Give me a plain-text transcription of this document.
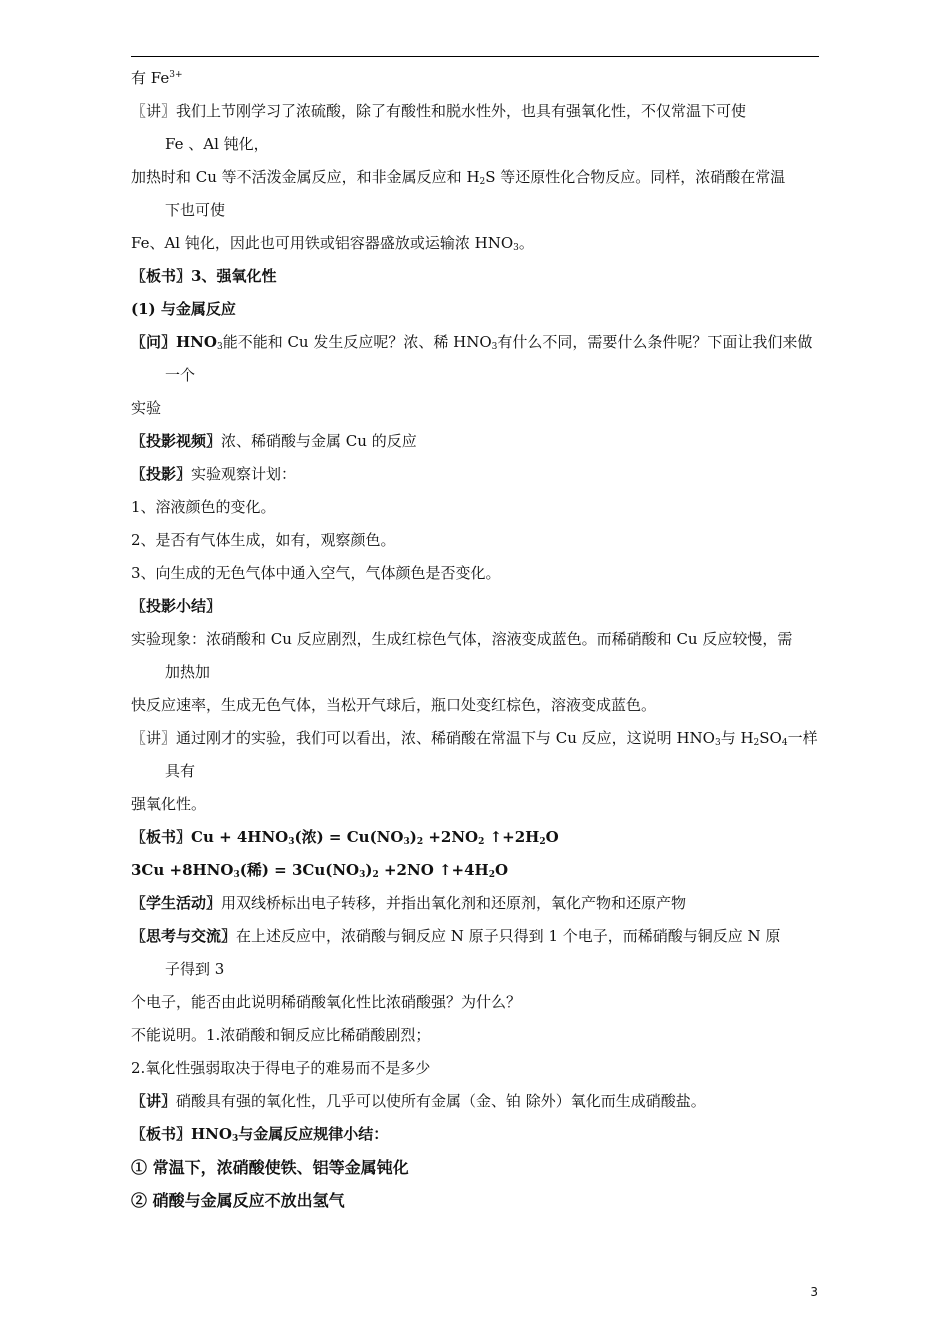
有 $Fe^{3+}$
〖讲〗我们上节刚学习了浓硫酸，除了有酸性和脱水性外，也具有强氧化性，不仅常温下可使
Fe 、Al 钝化，
加热时和 Cu 等不活泼金属反应，和非金属反应和 $H_2S$ 等还原性化合物反应。同样，浓硝酸在常温
下也可使
Fe、Al 钝化，因此也可用铁或铝容器盛放或运输浓 $HNO_3$。
〖板书〗3、强氧化性
(1) 与金属反应
〖问〗$HNO_3$能不能和 Cu 发生反应呢？浓、稀 $HNO_3$有什么不同，需要什么条件呢？下面让我们来做
一个
实验
〖投影视频〗浓、稀硝酸与金属 Cu 的反应
〖投影〗实验观察计划：
1、溶液颜色的变化。
2、是否有气体生成，如有，观察颜色。
3、向生成的无色气体中通入空气，气体颜色是否变化。
〖投影小结〗
实验现象：浓硝酸和 Cu 反应剧烈，生成红棕色气体，溶液变成蓝色。而稀硝酸和 Cu 反应较慢，需
加热加
快反应速率，生成无色气体，当松开气球后，瓶口处变红棕色，溶液变成蓝色。
〖讲〗通过刚才的实验，我们可以看出，浓、稀硝酸在常温下与 Cu 反应，这说明 $HNO_3$与 $H_2SO_4$一样
具有
强氧化性。
〖板书〗$Cu + 4HNO_3$(浓) = $Cu(NO_3)_2 +2NO_2$ $↑+2H_2O$
$3Cu +8HNO_3$(稀) = $3Cu(NO_3)_2 +2NO$ $↑+4H_2O$
〖学生活动〗用双线桥标出电子转移，并指出氧化剂和还原剂，氧化产物和还原产物
〖思考与交流〗在上述反应中，浓硝酸与铜反应 N 原子只得到 1 个电子，而稀硝酸与铜反应 N 原
子得到 3
个电子，能否由此说明稀硝酸氧化性比浓硝酸强？为什么？
不能说明。1.浓硝酸和铜反应比稀硝酸剧烈；
2.氧化性强弱取决于得电子的难易而不是多少
〖讲〗硝酸具有强的氧化性，几乎可以使所有金属（金、铂 除外）氧化而生成硝酸盐。
〖板书〗$HNO_3$与金属反应规律小结：
① 常温下，浓硝酸使铁、铝等金属钝化
② 硝酸与金属反应不放出氢气
3
